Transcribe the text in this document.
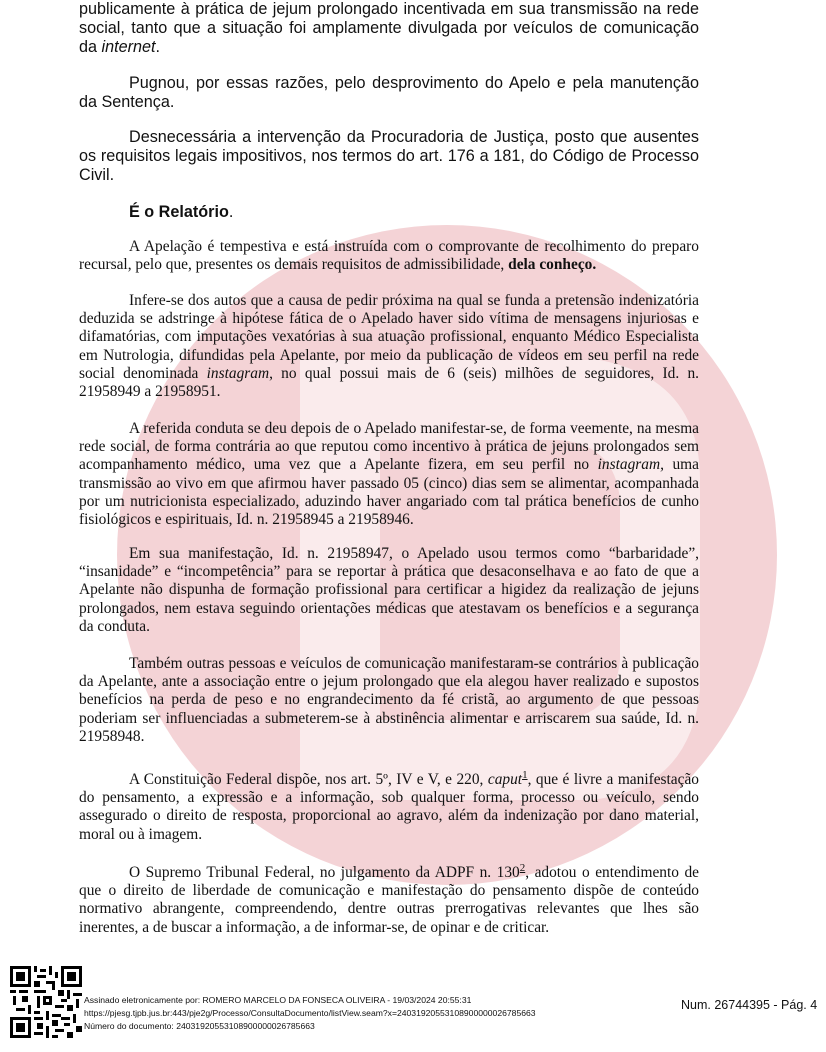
publicamente à prática de jejum prolongado incentivada em sua transmissão na rede social, tanto que a situação foi amplamente divulgada por veículos de comunicação da internet.

Pugnou, por essas razões, pelo desprovimento do Apelo e pela manutenção da Sentença.

Desnecessária a intervenção da Procuradoria de Justiça, posto que ausentes os requisitos legais impositivos, nos termos do art. 176 a 181, do Código de Processo Civil.

É o Relatório.

A Apelação é tempestiva e está instruída com o comprovante de recolhimento do preparo recursal, pelo que, presentes os demais requisitos de admissibilidade, dela conheço.

Infere-se dos autos que a causa de pedir próxima na qual se funda a pretensão indenizatória deduzida se adstringe à hipótese fática de o Apelado haver sido vítima de mensagens injuriosas e difamatórias, com imputações vexatórias à sua atuação profissional, enquanto Médico Especialista em Nutrologia, difundidas pela Apelante, por meio da publicação de vídeos em seu perfil na rede social denominada instagram, no qual possui mais de 6 (seis) milhões de seguidores, Id. n. 21958949 a 21958951.

A referida conduta se deu depois de o Apelado manifestar-se, de forma veemente, na mesma rede social, de forma contrária ao que reputou como incentivo à prática de jejuns prolongados sem acompanhamento médico, uma vez que a Apelante fizera, em seu perfil no instagram, uma transmissão ao vivo em que afirmou haver passado 05 (cinco) dias sem se alimentar, acompanhada por um nutricionista especializado, aduzindo haver angariado com tal prática benefícios de cunho fisiológicos e espirituais, Id. n. 21958945 a 21958946.

Em sua manifestação, Id. n. 21958947, o Apelado usou termos como “barbaridade”, “insanidade” e “incompetência” para se reportar à prática que desaconselhava e ao fato de que a Apelante não dispunha de formação profissional para certificar a higidez da realização de jejuns prolongados, nem estava seguindo orientações médicas que atestavam os benefícios e a segurança da conduta.

Também outras pessoas e veículos de comunicação manifestaram-se contrários à publicação da Apelante, ante a associação entre o jejum prolongado que ela alegou haver realizado e supostos benefícios na perda de peso e no engrandecimento da fé cristã, ao argumento de que pessoas poderiam ser influenciadas a submeterem-se à abstinência alimentar e arriscarem sua saúde, Id. n. 21958948.

A Constituição Federal dispõe, nos art. 5º, IV e V, e 220, caput$^1$, que é livre a manifestação do pensamento, a expressão e a informação, sob qualquer forma, processo ou veículo, sendo assegurado o direito de resposta, proporcional ao agravo, além da indenização por dano material, moral ou à imagem.

O Supremo Tribunal Federal, no julgamento da ADPF n. 130$^2$, adotou o entendimento de que o direito de liberdade de comunicação e manifestação do pensamento dispõe de conteúdo normativo abrangente, compreendendo, dentre outras prerrogativas relevantes que lhes são inerentes, a de buscar a informação, a de informar-se, de opinar e de criticar.

Assinado eletronicamente por: ROMERO MARCELO DA FONSECA OLIVEIRA - 19/03/2024 20:55:31
https://pjesg.tjpb.jus.br:443/pje2g/Processo/ConsultaDocumento/listView.seam?x=24031920553108900000026785663
Número do documento: 24031920553108900000026785663
Num. 26744395 - Pág. 4
